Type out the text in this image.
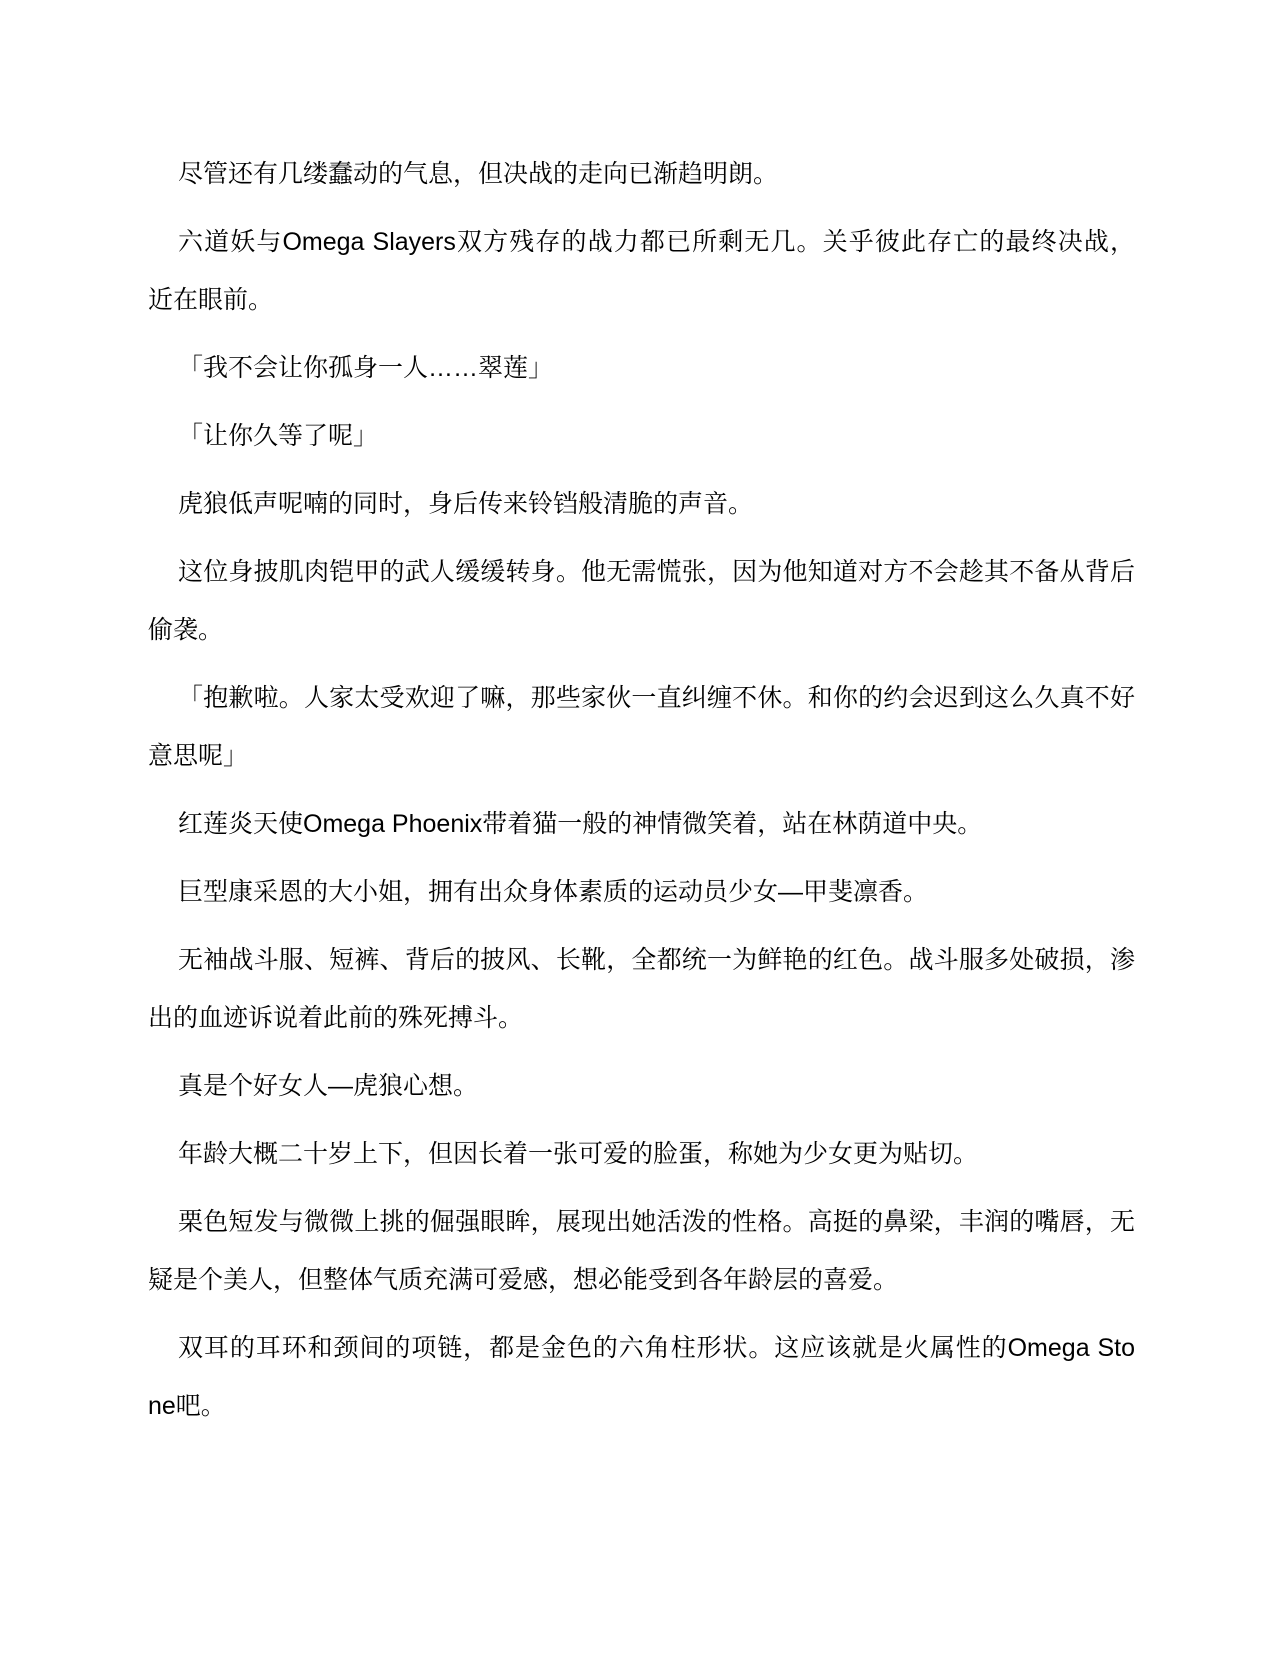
尽管还有几缕蠢动的气息，但决战的走向已渐趋明朗。

六道妖与Omega Slayers双方残存的战力都已所剩无几。关乎彼此存亡的最终决战，
近在眼前。

「我不会让你孤身一人……翠莲」

「让你久等了呢」

虎狼低声呢喃的同时，身后传来铃铛般清脆的声音。

这位身披肌肉铠甲的武人缓缓转身。他无需慌张，因为他知道对方不会趁其不备从背后
偷袭。

「抱歉啦。人家太受欢迎了嘛，那些家伙一直纠缠不休。和你的约会迟到这么久真不好
意思呢」

红莲炎天使Omega Phoenix带着猫一般的神情微笑着，站在林荫道中央。

巨型康采恩的大小姐，拥有出众身体素质的运动员少女—甲斐凛香。

无袖战斗服、短裤、背后的披风、长靴，全都统一为鲜艳的红色。战斗服多处破损，渗
出的血迹诉说着此前的殊死搏斗。

真是个好女人—虎狼心想。

年龄大概二十岁上下，但因长着一张可爱的脸蛋，称她为少女更为贴切。

栗色短发与微微上挑的倔强眼眸，展现出她活泼的性格。高挺的鼻梁，丰润的嘴唇，无
疑是个美人，但整体气质充满可爱感，想必能受到各年龄层的喜爱。

双耳的耳环和颈间的项链，都是金色的六角柱形状。这应该就是火属性的Omega Sto
ne吧。
